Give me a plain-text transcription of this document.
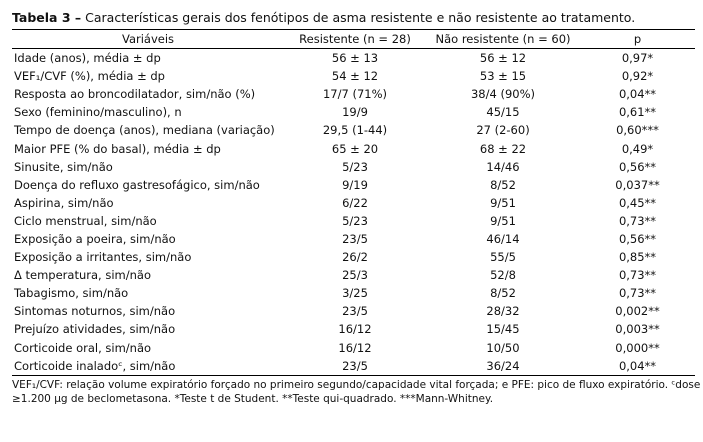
Tabela 3 – Características gerais dos fenótipos de asma resistente e não resistente ao tratamento.
Variáveis	Resistente (n = 28)	Não resistente (n = 60)	p
Idade (anos), média ± dp	56 ± 13	56 ± 12	0,97*
VEF₁/CVF (%), média ± dp	54 ± 12	53 ± 15	0,92*
Resposta ao broncodilatador, sim/não (%)	17/7 (71%)	38/4 (90%)	0,04**
Sexo (feminino/masculino), n	19/9	45/15	0,61**
Tempo de doença (anos), mediana (variação)	29,5 (1-44)	27 (2-60)	0,60***
Maior PFE (% do basal), média ± dp	65 ± 20	68 ± 22	0,49*
Sinusite, sim/não	5/23	14/46	0,56**
Doença do refluxo gastresofágico, sim/não	9/19	8/52	0,037**
Aspirina, sim/não	6/22	9/51	0,45**
Ciclo menstrual, sim/não	5/23	9/51	0,73**
Exposição a poeira, sim/não	23/5	46/14	0,56**
Exposição a irritantes, sim/não	26/2	55/5	0,85**
Δ temperatura, sim/não	25/3	52/8	0,73**
Tabagismo, sim/não	3/25	8/52	0,73**
Sintomas noturnos, sim/não	23/5	28/32	0,002**
Prejuízo atividades, sim/não	16/12	15/45	0,003**
Corticoide oral, sim/não	16/12	10/50	0,000**
Corticoide inaladoᶜ, sim/não	23/5	36/24	0,04**
VEF₁/CVF: relação volume expiratório forçado no primeiro segundo/capacidade vital forçada; e PFE: pico de fluxo expiratório. ᶜdose
≥1.200 μg de beclometasona. *Teste t de Student. **Teste qui-quadrado. ***Mann-Whitney.
